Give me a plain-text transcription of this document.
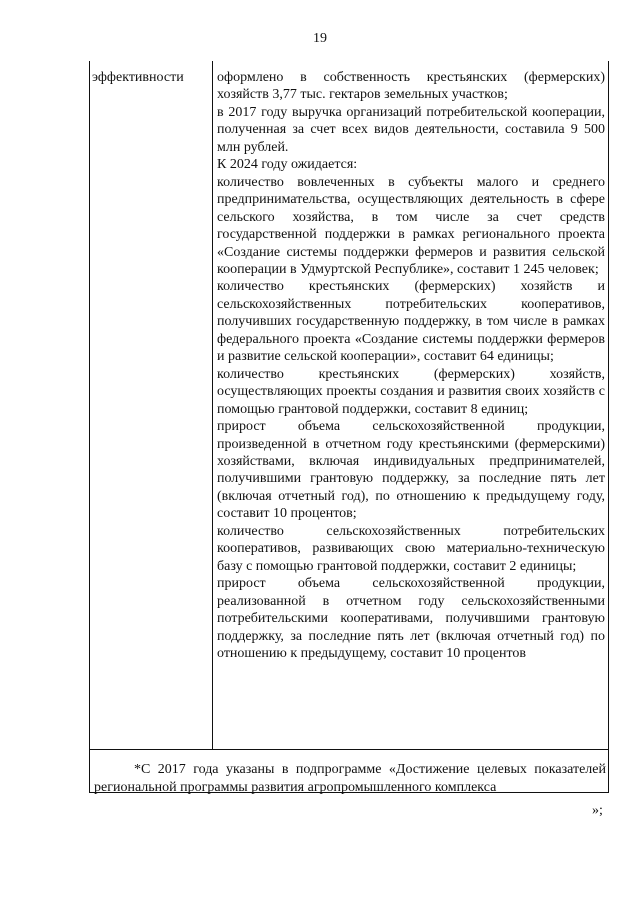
19
эффективности оформлено в собственность крестьянских (фермерских) хозяйств 3,77 тыс. гектаров земельных участков;

в 2017 году выручка организаций потребительской кооперации, полученная за счет всех видов деятельности, составила 9 500 млн рублей.

К 2024 году ожидается:

количество вовлеченных в субъекты малого и среднего предпринимательства, осуществляющих деятельность в сфере сельского хозяйства, в том числе за счет средств государственной поддержки в рамках регионального проекта «Создание системы поддержки фермеров и развития сельской кооперации в Удмуртской Республике», составит 1 245 человек;

количество крестьянских (фермерских) хозяйств и сельскохозяйственных потребительских кооперативов, получивших государственную поддержку, в том числе в рамках федерального проекта «Создание системы поддержки фермеров и развитие сельской кооперации», составит 64 единицы;

количество крестьянских (фермерских) хозяйств, осуществляющих проекты создания и развития своих хозяйств с помощью грантовой поддержки, составит 8 единиц;

прирост объема сельскохозяйственной продукции, произведенной в отчетном году крестьянскими (фермерскими) хозяйствами, включая индивидуальных предпринимателей, получившими грантовую поддержку, за последние пять лет (включая отчетный год), по отношению к предыдущему году, составит 10 процентов;

количество сельскохозяйственных потребительских кооперативов, развивающих свою материально-техническую базу с помощью грантовой поддержки, составит 2 единицы;

прирост объема сельскохозяйственной продукции, реализованной в отчетном году сельскохозяйственными потребительскими кооперативами, получившими грантовую поддержку, за последние пять лет (включая отчетный год) по отношению к предыдущему, составит 10 процентов

*С 2017 года указаны в подпрограмме «Достижение целевых показателей

региональной программы развития агропромышленного комплекса

»;
